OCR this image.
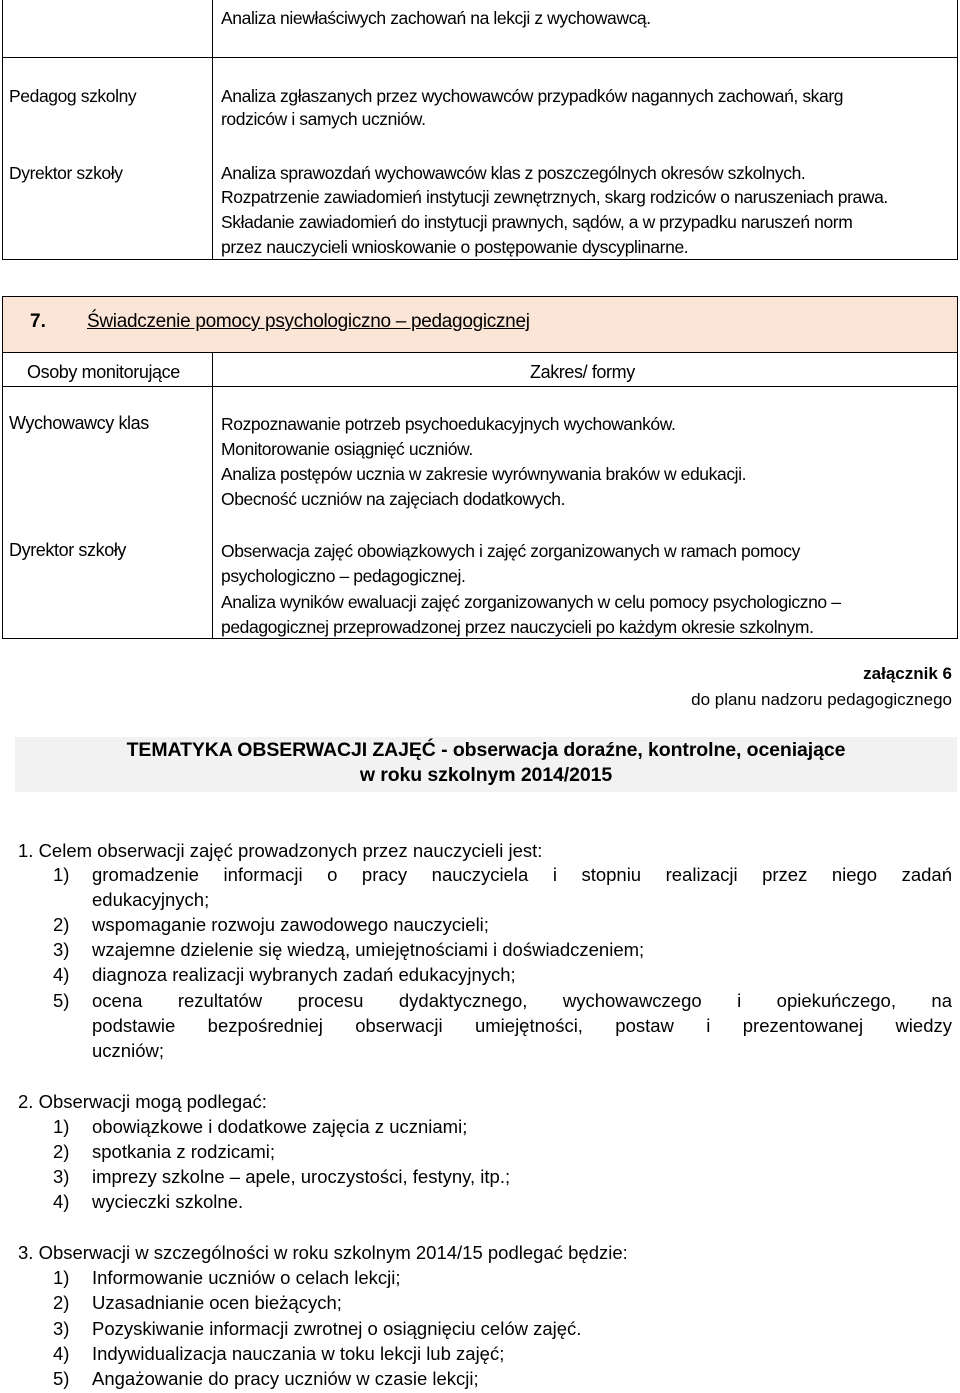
Analiza niewłaściwych zachowań na lekcji z wychowawcą.
Pedagog szkolny	Analiza zgłaszanych przez wychowawców przypadków nagannych zachowań, skarg
rodziców i samych uczniów.
Dyrektor szkoły	Analiza sprawozdań wychowawców klas z poszczególnych okresów szkolnych.
Rozpatrzenie zawiadomień instytucji zewnętrznych, skarg rodziców o naruszeniach prawa.
Składanie zawiadomień do instytucji prawnych, sądów, a w przypadku naruszeń norm
przez nauczycieli wnioskowanie o postępowanie dyscyplinarne.
7. Świadczenie pomocy psychologiczno – pedagogicznej
Osoby monitorujące	Zakres/ formy
Wychowawcy klas	Rozpoznawanie potrzeb psychoedukacyjnych wychowanków.
Monitorowanie osiągnięć uczniów.
Analiza postępów ucznia w zakresie wyrównywania braków w edukacji.
Obecność uczniów na zajęciach dodatkowych.
Dyrektor szkoły	Obserwacja zajęć obowiązkowych i zajęć zorganizowanych w ramach pomocy
psychologiczno – pedagogicznej.
Analiza wyników ewaluacji zajęć zorganizowanych w celu pomocy psychologiczno –
pedagogicznej przeprowadzonej przez nauczycieli po każdym okresie szkolnym.
załącznik 6
do planu nadzoru pedagogicznego
TEMATYKA OBSERWACJI ZAJĘĆ - obserwacja doraźne, kontrolne, oceniające
w roku szkolnym 2014/2015
1. Celem obserwacji zajęć prowadzonych przez nauczycieli jest:
1) gromadzenie informacji o pracy nauczyciela i stopniu realizacji przez niego zadań
edukacyjnych;
2) wspomaganie rozwoju zawodowego nauczycieli;
3) wzajemne dzielenie się wiedzą, umiejętnościami i doświadczeniem;
4) diagnoza realizacji wybranych zadań edukacyjnych;
5) ocena rezultatów procesu dydaktycznego, wychowawczego i opiekuńczego, na
podstawie bezpośredniej obserwacji umiejętności, postaw i prezentowanej wiedzy
uczniów;
2. Obserwacji mogą podlegać:
1) obowiązkowe i dodatkowe zajęcia z uczniami;
2) spotkania z rodzicami;
3) imprezy szkolne – apele, uroczystości, festyny, itp.;
4) wycieczki szkolne.
3. Obserwacji w szczególności w roku szkolnym 2014/15 podlegać będzie:
1) Informowanie uczniów o celach lekcji;
2) Uzasadnianie ocen bieżących;
3) Pozyskiwanie informacji zwrotnej o osiągnięciu celów zajęć.
4) Indywidualizacja nauczania w toku lekcji lub zajęć;
5) Angażowanie do pracy uczniów w czasie lekcji;
